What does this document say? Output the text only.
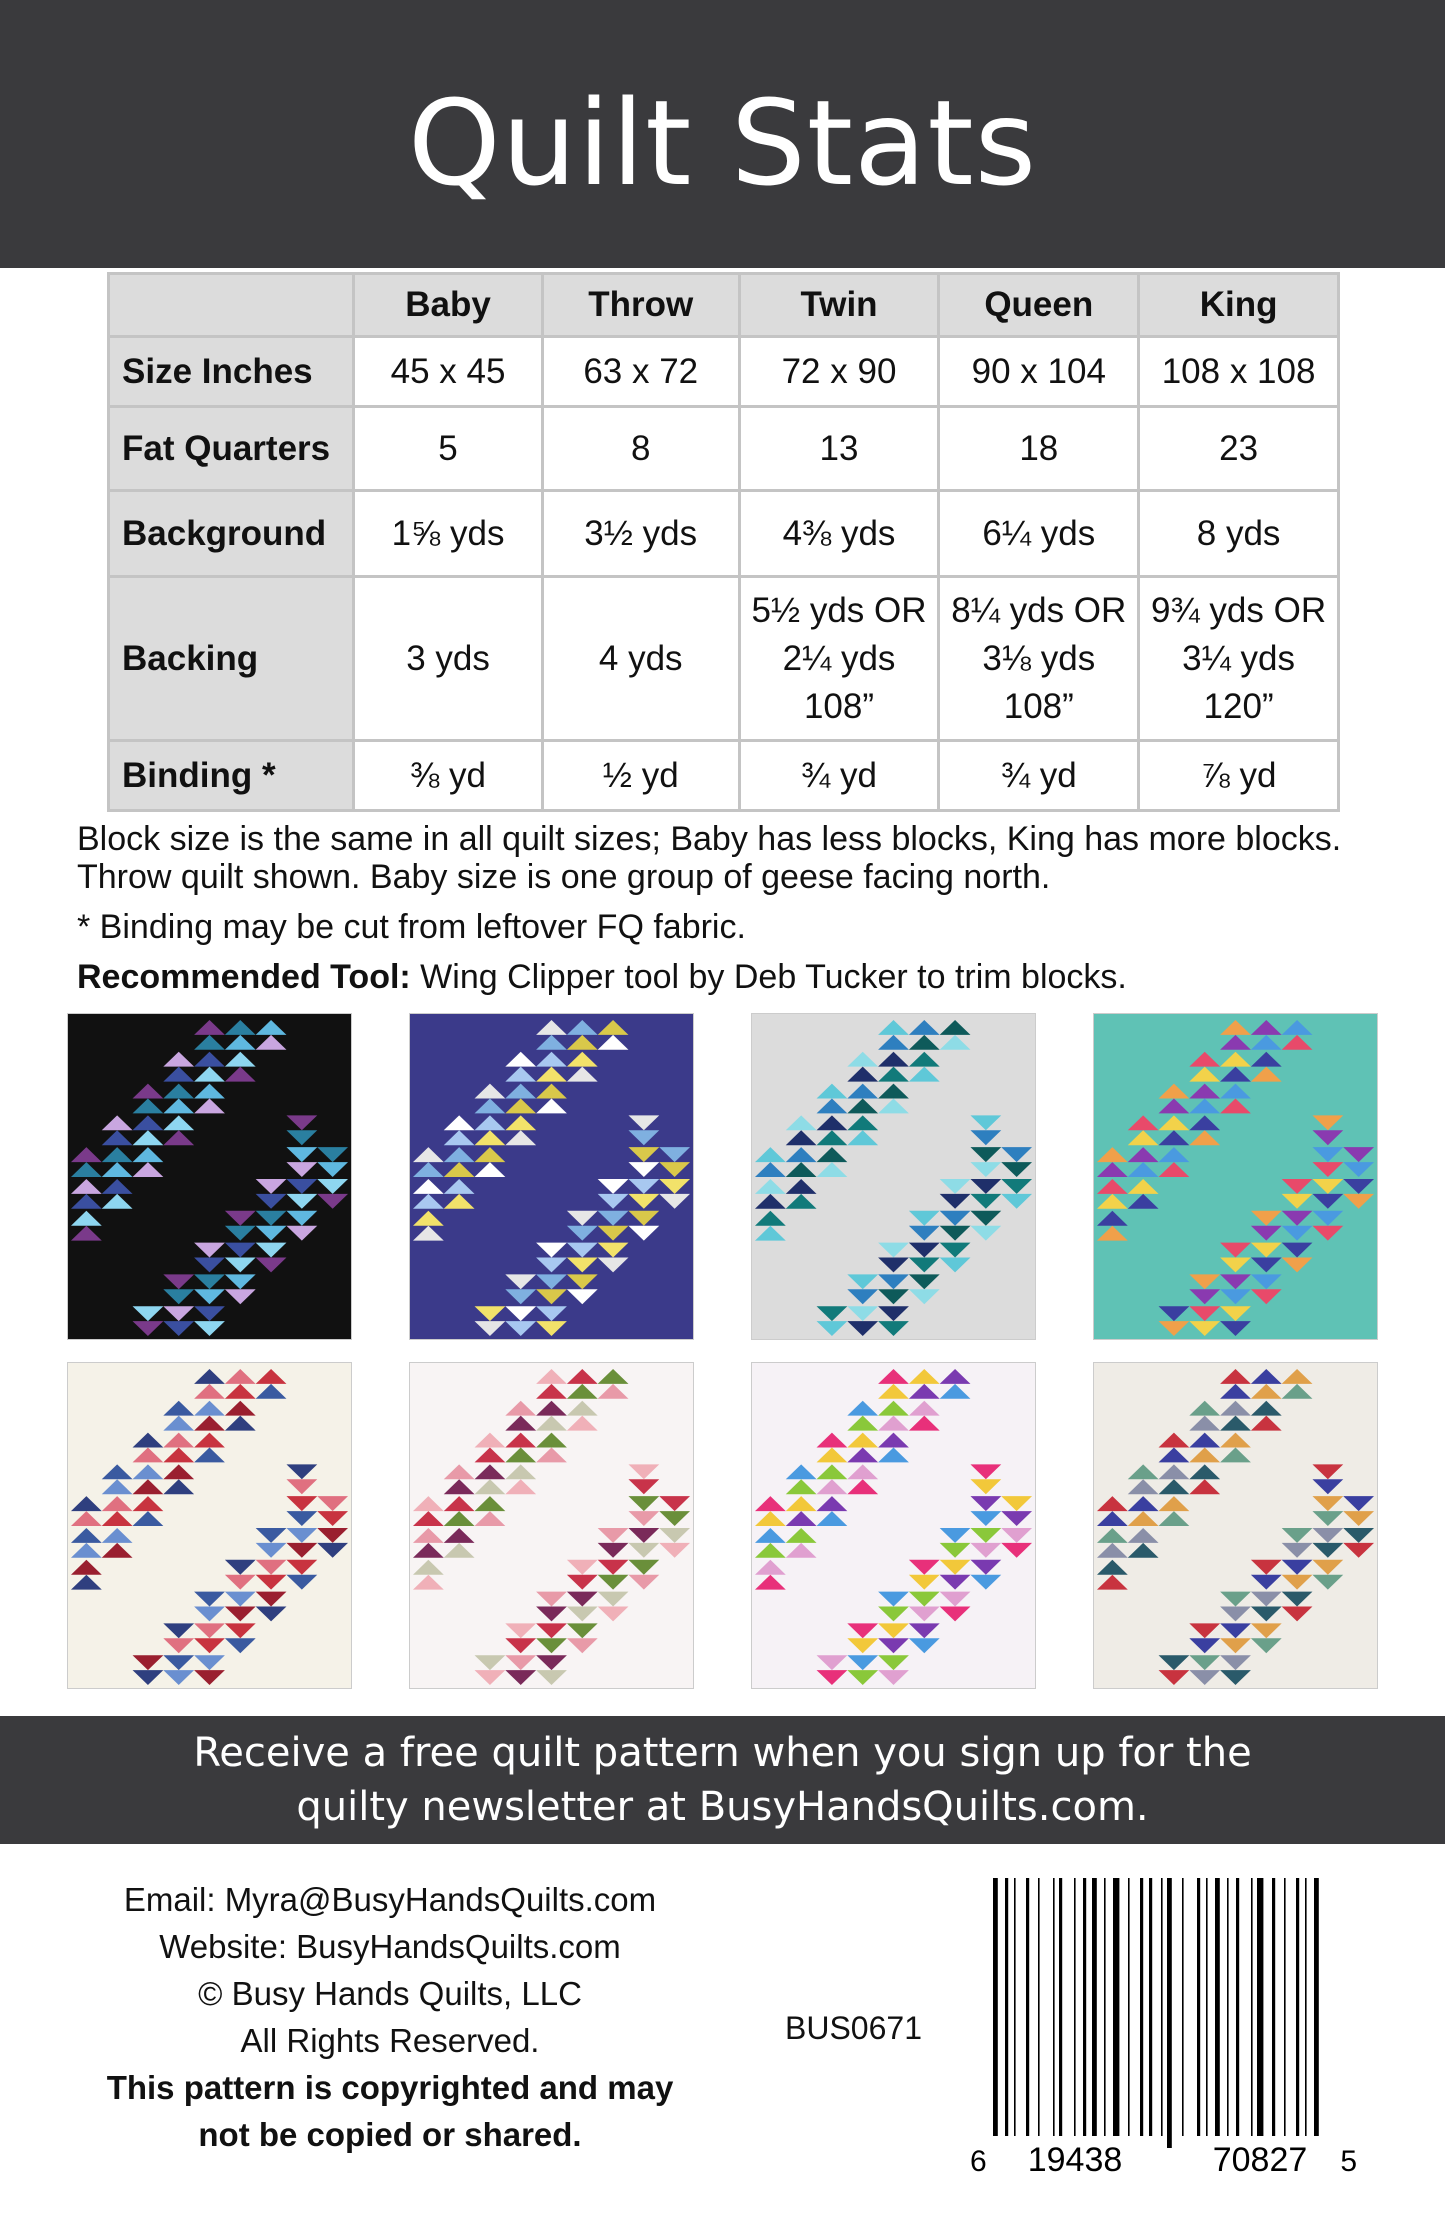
Quilt Stats
	Baby	Throw	Twin	Queen	King
Size Inches	45 x 45	63 x 72	72 x 90	90 x 104	108 x 108
Fat Quarters	5	8	13	18	23
Background	1⅝ yds	3½ yds	4⅜ yds	6¼ yds	8 yds
Backing	3 yds	4 yds	5½ yds OR 2¼ yds 108”	8¼ yds OR 3⅛ yds 108”	9¾ yds OR 3¼ yds 120”
Binding *	⅜ yd	½ yd	¾ yd	¾ yd	⅞ yd

Block size is the same in all quilt sizes; Baby has less blocks, King has more blocks. Throw quilt shown. Baby size is one group of geese facing north.

* Binding may be cut from leftover FQ fabric.

Recommended Tool: Wing Clipper tool by Deb Tucker to trim blocks.

Receive a free quilt pattern when you sign up for the
quilty newsletter at BusyHandsQuilts.com.
Email: Myra@BusyHandsQuilts.com
Website: BusyHandsQuilts.com
© Busy Hands Quilts, LLC
All Rights Reserved.
This pattern is copyrighted and may
not be copied or shared.
BUS0671
6 19438	70827 5
